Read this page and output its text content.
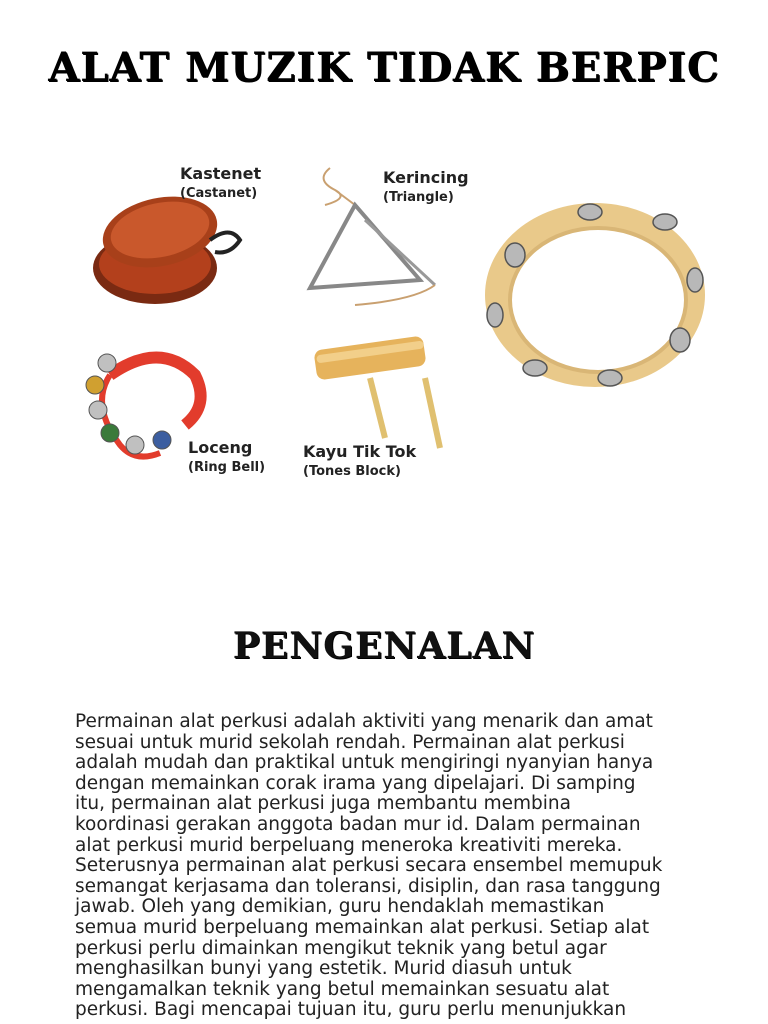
ALAT MUZIK TIDAK BERPIC
Kastenet
(Castanet)
Kerincing
(Triangle)
Loceng
(Ring Bell)
Kayu Tik Tok
(Tones Block)
PENGENALAN
Permainan alat perkusi adalah aktiviti yang menarik dan amat
sesuai untuk murid sekolah rendah. Permainan alat perkusi
adalah mudah dan praktikal untuk mengiringi nyanyian hanya
dengan memainkan corak irama yang dipelajari. Di samping
itu, permainan alat perkusi juga membantu membina
koordinasi gerakan anggota badan mur id. Dalam permainan
alat perkusi murid berpeluang meneroka kreativiti mereka.
Seterusnya permainan alat perkusi secara ensembel memupuk
semangat kerjasama dan toleransi, disiplin, dan rasa tanggung
jawab. Oleh yang demikian, guru hendaklah memastikan
semua murid berpeluang memainkan alat perkusi. Setiap alat
perkusi perlu dimainkan mengikut teknik yang betul agar
menghasilkan bunyi yang estetik. Murid diasuh untuk
mengamalkan teknik yang betul memainkan sesuatu alat
perkusi. Bagi mencapai tujuan itu, guru perlu menunjukkan
